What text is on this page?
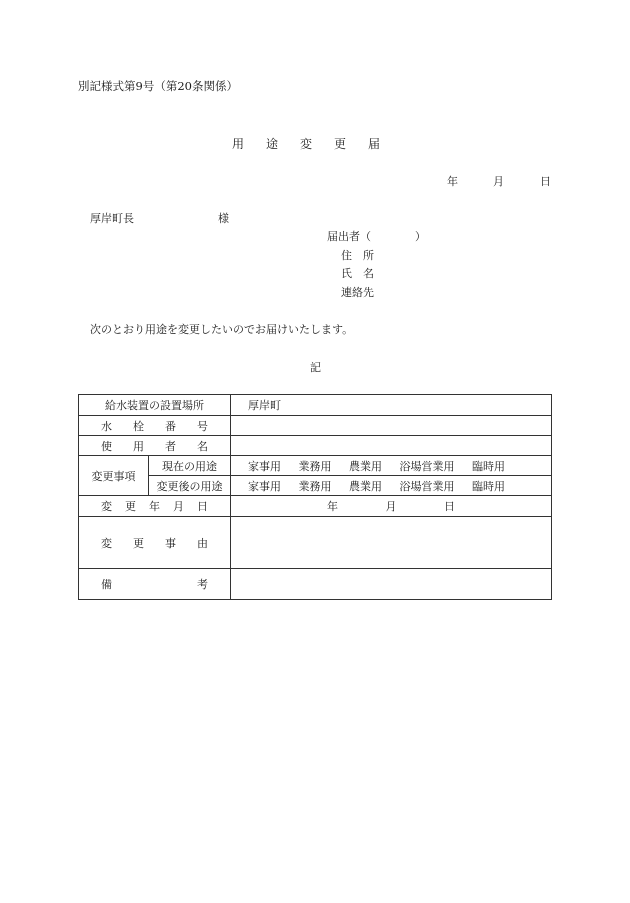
別記様式第9号（第20条関係）
用　途　変　更　届
年	月	日
厚岸町長	様
届出者（　　　　）
住　所
氏　名
連絡先
次のとおり用途を変更したいのでお届けいたします。
記
給水装置の設置場所		厚岸町
水栓番号		
使用者名		
変更事項	現在の用途	家事用 業務用 農業用 浴場営業用 臨時用
	変更後の用途	家事用 業務用 農業用 浴場営業用 臨時用
変更年月日		年 月 日
変更事由		
備考		
